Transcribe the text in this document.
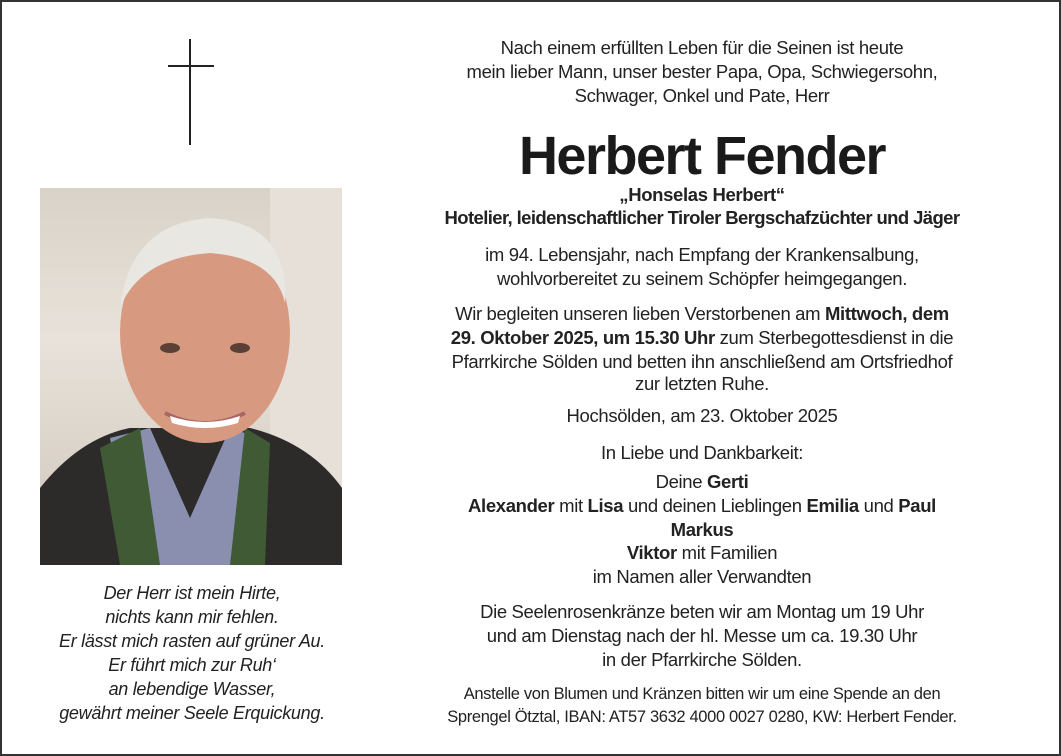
Nach einem erfüllten Leben für die Seinen ist heute
mein lieber Mann, unser bester Papa, Opa, Schwiegersohn,
Schwager, Onkel und Pate, Herr
Herbert Fender
„Honselas Herbert“
Hotelier, leidenschaftlicher Tiroler Bergschafzüchter und Jäger
im 94. Lebensjahr, nach Empfang der Krankensalbung,
wohlvorbereitet zu seinem Schöpfer heimgegangen.
Wir begleiten unseren lieben Verstorbenen am Mittwoch, dem
29. Oktober 2025, um 15.30 Uhr zum Sterbegottesdienst in die
Pfarrkirche Sölden und betten ihn anschließend am Ortsfriedhof
zur letzten Ruhe.
Hochsölden, am 23. Oktober 2025
In Liebe und Dankbarkeit:
Deine Gerti
Alexander mit Lisa und deinen Lieblingen Emilia und Paul
Markus
Viktor mit Familien
im Namen aller Verwandten
Die Seelenrosenkränze beten wir am Montag um 19 Uhr
und am Dienstag nach der hl. Messe um ca. 19.30 Uhr
in der Pfarrkirche Sölden.
Anstelle von Blumen und Kränzen bitten wir um eine Spende an den
Sprengel Ötztal, IBAN: AT57 3632 4000 0027 0280, KW: Herbert Fender.
Der Herr ist mein Hirte,
nichts kann mir fehlen.
Er lässt mich rasten auf grüner Au.
Er führt mich zur Ruh‘
an lebendige Wasser,
gewährt meiner Seele Erquickung.
